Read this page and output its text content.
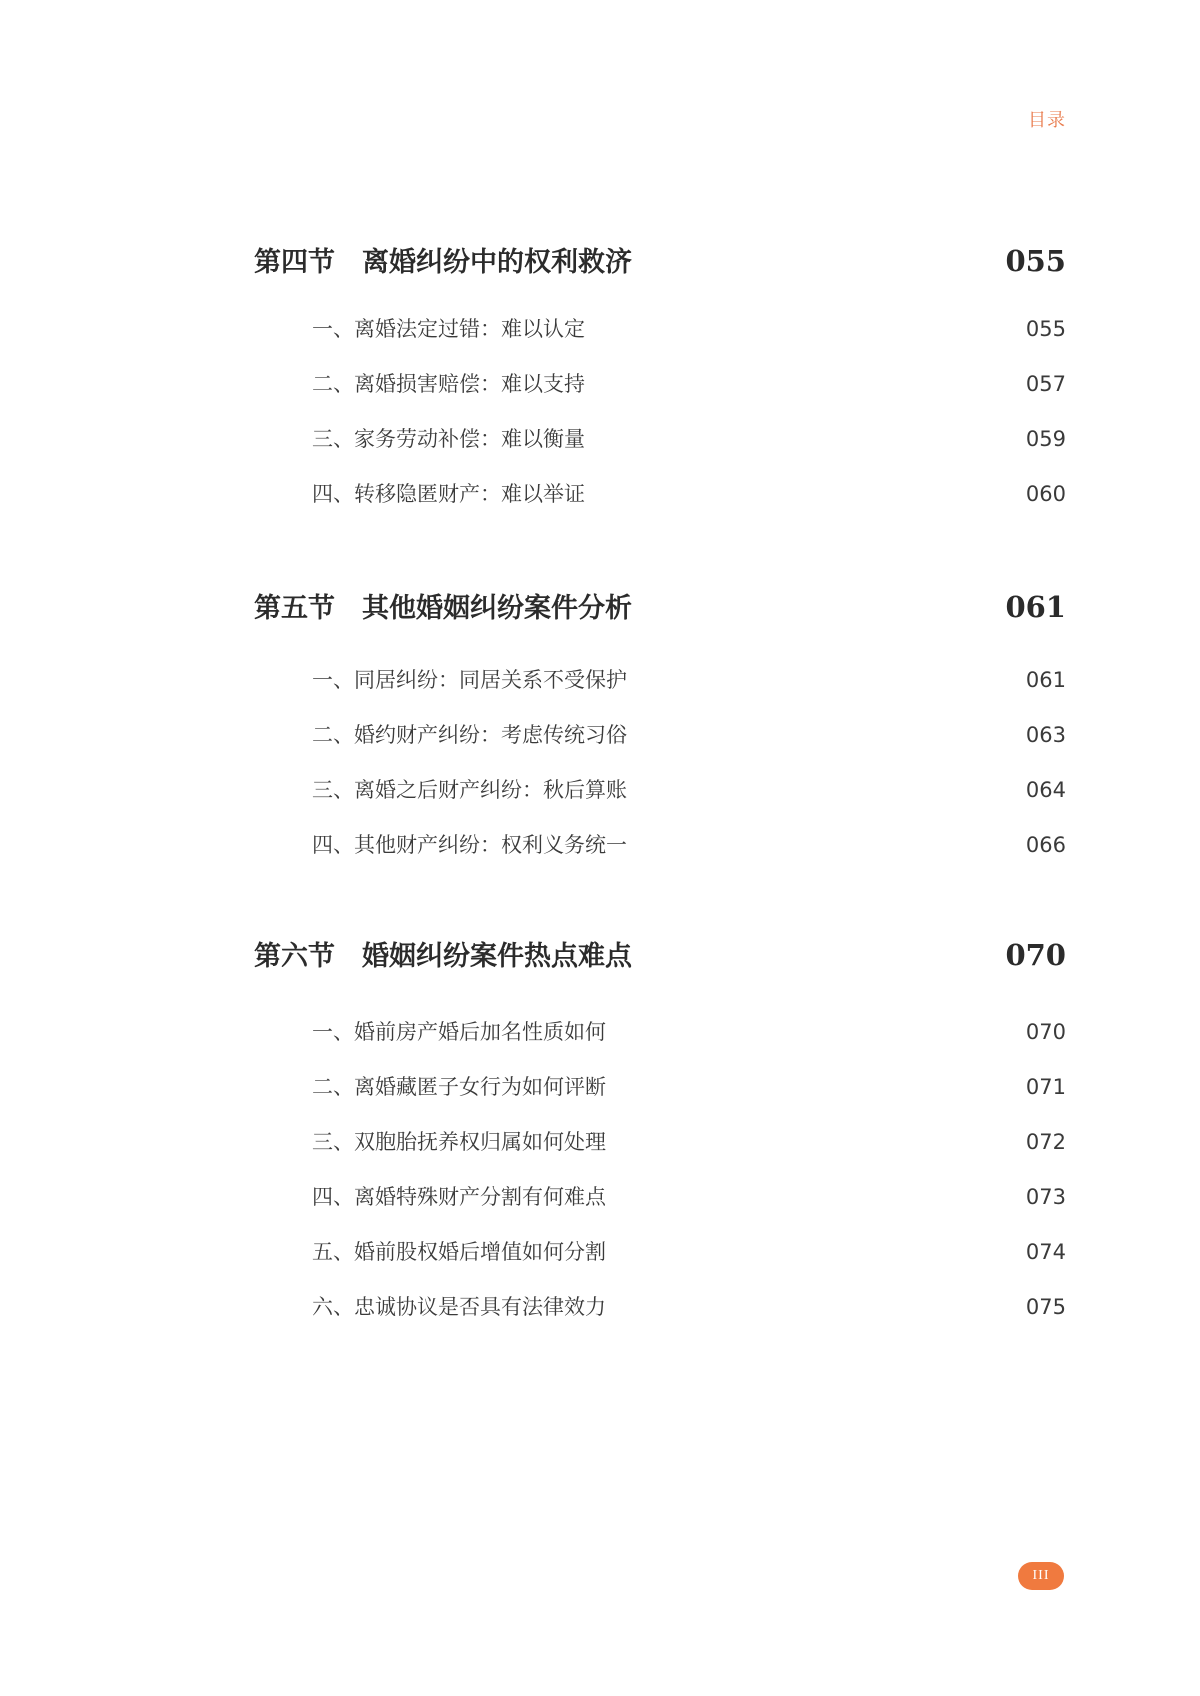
目录
第四节　离婚纠纷中的权利救济	055
一、离婚法定过错：难以认定	055
二、离婚损害赔偿：难以支持	057
三、家务劳动补偿：难以衡量	059
四、转移隐匿财产：难以举证	060
第五节　其他婚姻纠纷案件分析	061
一、同居纠纷：同居关系不受保护	061
二、婚约财产纠纷：考虑传统习俗	063
三、离婚之后财产纠纷：秋后算账	064
四、其他财产纠纷：权利义务统一	066
第六节　婚姻纠纷案件热点难点	070
一、婚前房产婚后加名性质如何	070
二、离婚藏匿子女行为如何评断	071
三、双胞胎抚养权归属如何处理	072
四、离婚特殊财产分割有何难点	073
五、婚前股权婚后增值如何分割	074
六、忠诚协议是否具有法律效力	075
III
